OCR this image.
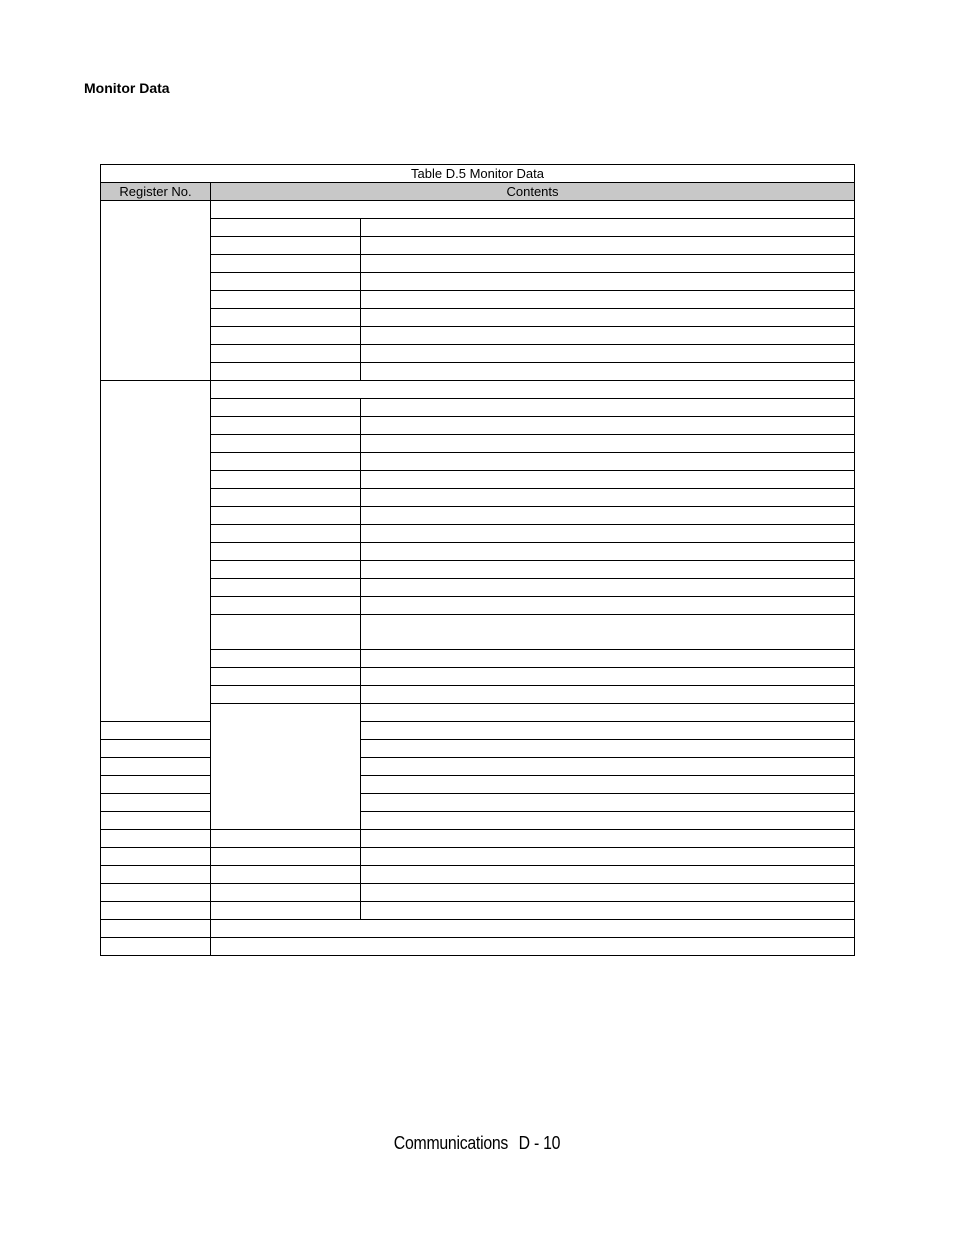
Monitor Data
Table D.5 Monitor Data		
Register No.	Contents	

Communications D - 10
